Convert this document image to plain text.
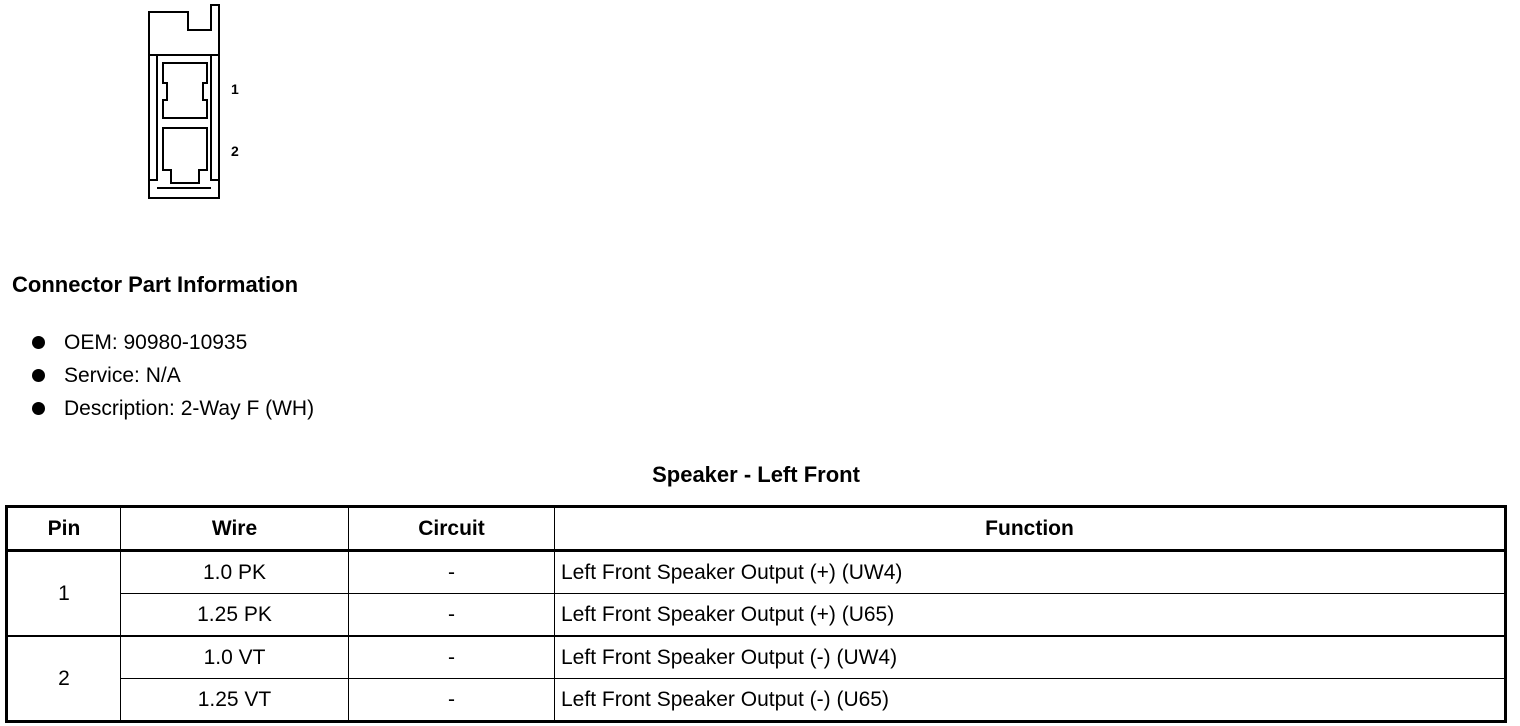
1
2
Connector Part Information
OEM: 90980-10935
Service: N/A
Description: 2-Way F (WH)
Speaker - Left Front
Pin	Wire	Circuit	Function
1	1.0 PK	-	Left Front Speaker Output (+) (UW4)
	1.25 PK	-	Left Front Speaker Output (+) (U65)
2	1.0 VT	-	Left Front Speaker Output (-) (UW4)
	1.25 VT	-	Left Front Speaker Output (-) (U65)
